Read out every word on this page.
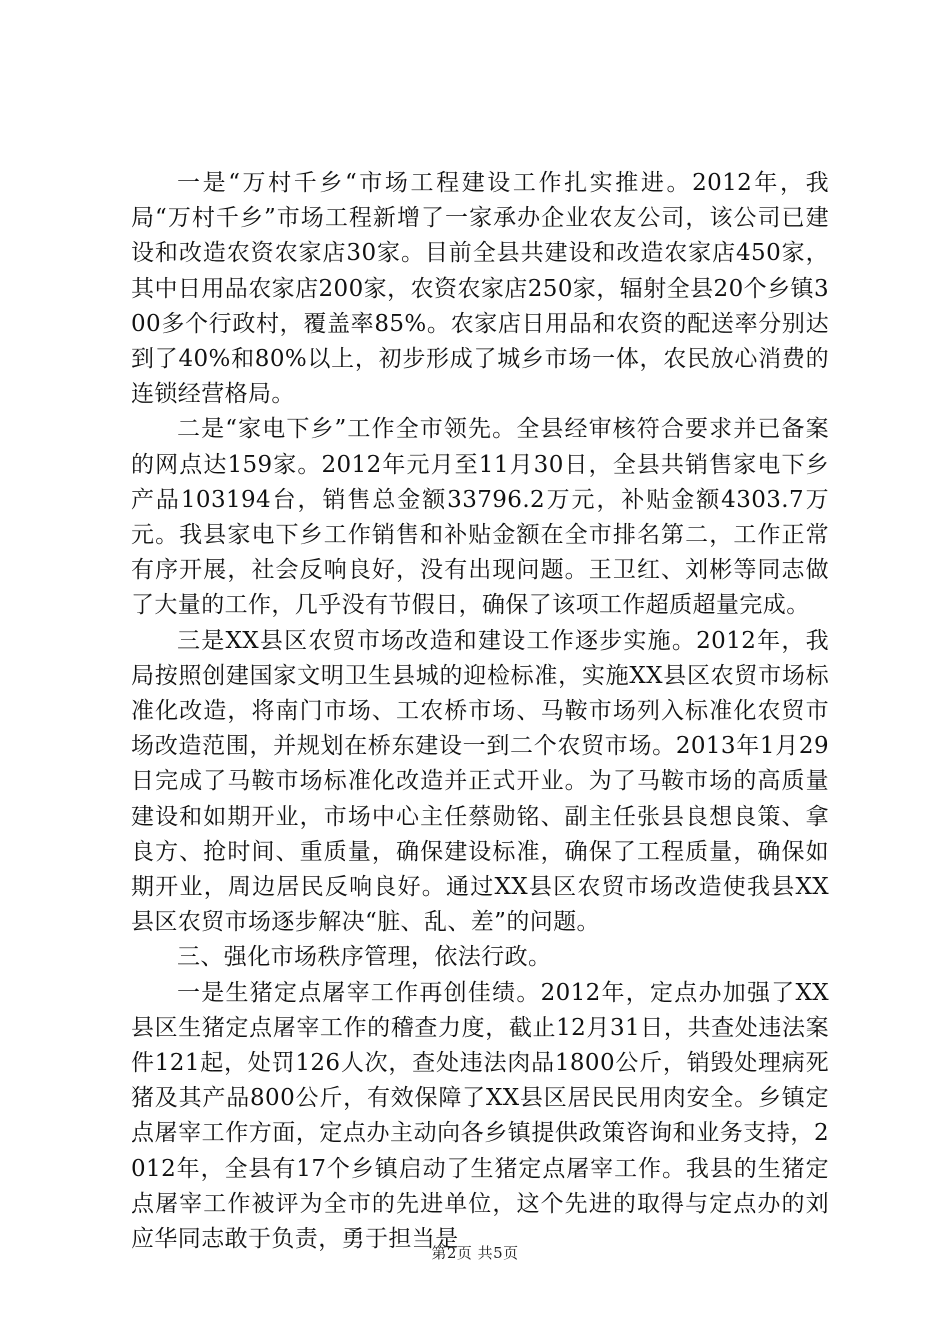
一是“万村千乡“市场工程建设工作扎实推进。2012年，我局“万村千乡”市场工程新增了一家承办企业农友公司，该公司已建设和改造农资农家店30家。目前全县共建设和改造农家店450家，其中日用品农家店200家，农资农家店250家，辐射全县20个乡镇300多个行政村，覆盖率85%。农家店日用品和农资的配送率分别达到了40%和80%以上，初步形成了城乡市场一体，农民放心消费的连锁经营格局。

二是“家电下乡”工作全市领先。全县经审核符合要求并已备案的网点达159家。2012年元月至11月30日，全县共销售家电下乡产品103194台，销售总金额33796.2万元，补贴金额4303.7万元。我县家电下乡工作销售和补贴金额在全市排名第二，工作正常有序开展，社会反响良好，没有出现问题。王卫红、刘彬等同志做了大量的工作，几乎没有节假日，确保了该项工作超质超量完成。

三是XX县区农贸市场改造和建设工作逐步实施。2012年，我局按照创建国家文明卫生县城的迎检标准，实施XX县区农贸市场标准化改造，将南门市场、工农桥市场、马鞍市场列入标准化农贸市场改造范围，并规划在桥东建设一到二个农贸市场。2013年1月29日完成了马鞍市场标准化改造并正式开业。为了马鞍市场的高质量建设和如期开业，市场中心主任蔡勋铭、副主任张县良想良策、拿良方、抢时间、重质量，确保建设标准，确保了工程质量，确保如期开业，周边居民反响良好。通过XX县区农贸市场改造使我县XX县区农贸市场逐步解决“脏、乱、差”的问题。

三、强化市场秩序管理，依法行政。

一是生猪定点屠宰工作再创佳绩。2012年，定点办加强了XX县区生猪定点屠宰工作的稽查力度，截止12月31日，共查处违法案件121起，处罚126人次，查处违法肉品1800公斤，销毁处理病死猪及其产品800公斤，有效保障了XX县区居民民用肉安全。乡镇定点屠宰工作方面，定点办主动向各乡镇提供政策咨询和业务支持，2012年，全县有17个乡镇启动了生猪定点屠宰工作。我县的生猪定点屠宰工作被评为全市的先进单位，这个先进的取得与定点办的刘应华同志敢于负责，勇于担当是

第2页 共5页
